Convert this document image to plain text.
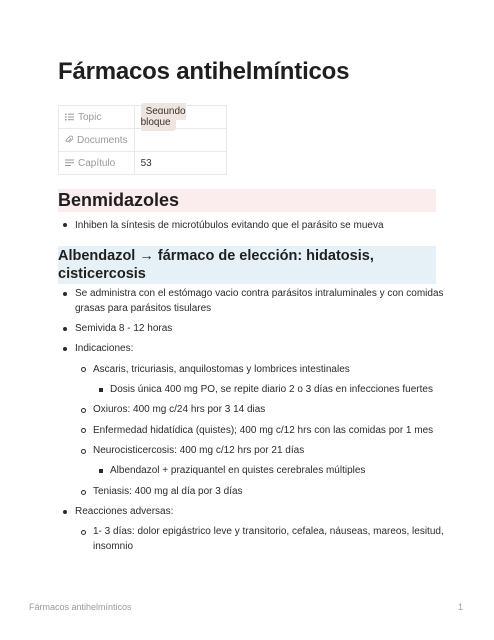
Fármacos antihelmínticos
Topic	Segundo bloque
Documents	
Capítulo	53
Benmidazoles
Inhiben la síntesis de microtúbulos evitando que el parásito se mueva
Albendazol → fármaco de elección: hidatosis,
cisticercosis
Se administra con el estómago vacio contra parásitos intraluminales y con comidas
grasas para parásitos tisulares
Semivida 8 - 12 horas
Indicaciones:
Ascaris, tricuriasis, anquilostomas y lombrices intestinales
Dosis única 400 mg PO, se repite diario 2 o 3 días en infecciones fuertes
Oxiuros: 400 mg c/24 hrs por 3 14 dias
Enfermedad hidatídica (quistes); 400 mg c/12 hrs con las comidas por 1 mes
Neurocisticercosis: 400 mg c/12 hrs por 21 días
Albendazol + praziquantel en quistes cerebrales múltiples
Teniasis: 400 mg al día por 3 días
Reacciones adversas:
1- 3 días: dolor epigástrico leve y transitorio, cefalea, náuseas, mareos, lesitud,
insomnio
Fármacos antihelmínticos	1
